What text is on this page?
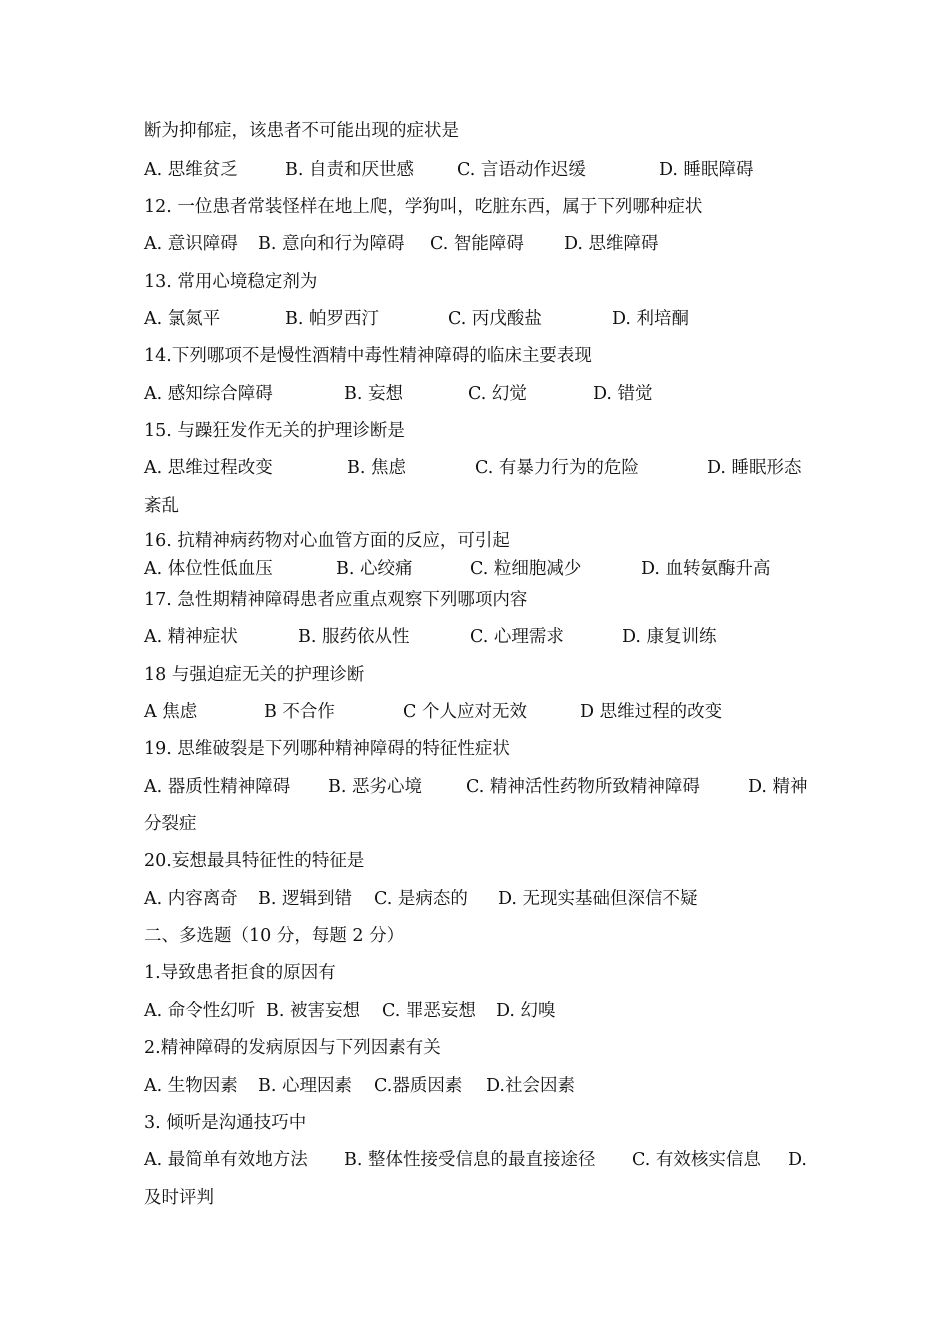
断为抑郁症，该患者不可能出现的症状是
A. 思维贫乏	B. 自责和厌世感 C. 言语动作迟缓	D. 睡眠障碍
12. 一位患者常装怪样在地上爬，学狗叫，吃脏东西，属于下列哪种症状
A. 意识障碍 B. 意向和行为障碍 C. 智能障碍 D. 思维障碍
13. 常用心境稳定剂为
A. 氯氮平	B. 帕罗西汀	C. 丙戊酸盐	D. 利培酮
14.下列哪项不是慢性酒精中毒性精神障碍的临床主要表现
A. 感知综合障碍	B. 妄想	C. 幻觉	D. 错觉
15. 与躁狂发作无关的护理诊断是
A. 思维过程改变	B. 焦虑	C. 有暴力行为的危险	D. 睡眠形态
紊乱
16. 抗精神病药物对心血管方面的反应，可引起
A. 体位性低血压	B. 心绞痛	C. 粒细胞减少	D. 血转氨酶升高
17. 急性期精神障碍患者应重点观察下列哪项内容
A. 精神症状	B. 服药依从性	C. 心理需求	D. 康复训练
18 与强迫症无关的护理诊断
A 焦虑	B 不合作	C 个人应对无效	D 思维过程的改变
19. 思维破裂是下列哪种精神障碍的特征性症状
A. 器质性精神障碍 B. 恶劣心境	C. 精神活性药物所致精神障碍	D. 精神
分裂症
20.妄想最具特征性的特征是
A. 内容离奇 B. 逻辑到错 C. 是病态的 D. 无现实基础但深信不疑
二、多选题（10 分，每题 2 分）
1.导致患者拒食的原因有
A. 命令性幻听 B. 被害妄想 C. 罪恶妄想 D. 幻嗅
2.精神障碍的发病原因与下列因素有关
A. 生物因素 B. 心理因素 C.器质因素 D.社会因素
3. 倾听是沟通技巧中
A. 最简单有效地方法 B. 整体性接受信息的最直接途径 C. 有效核实信息 D.
及时评判
